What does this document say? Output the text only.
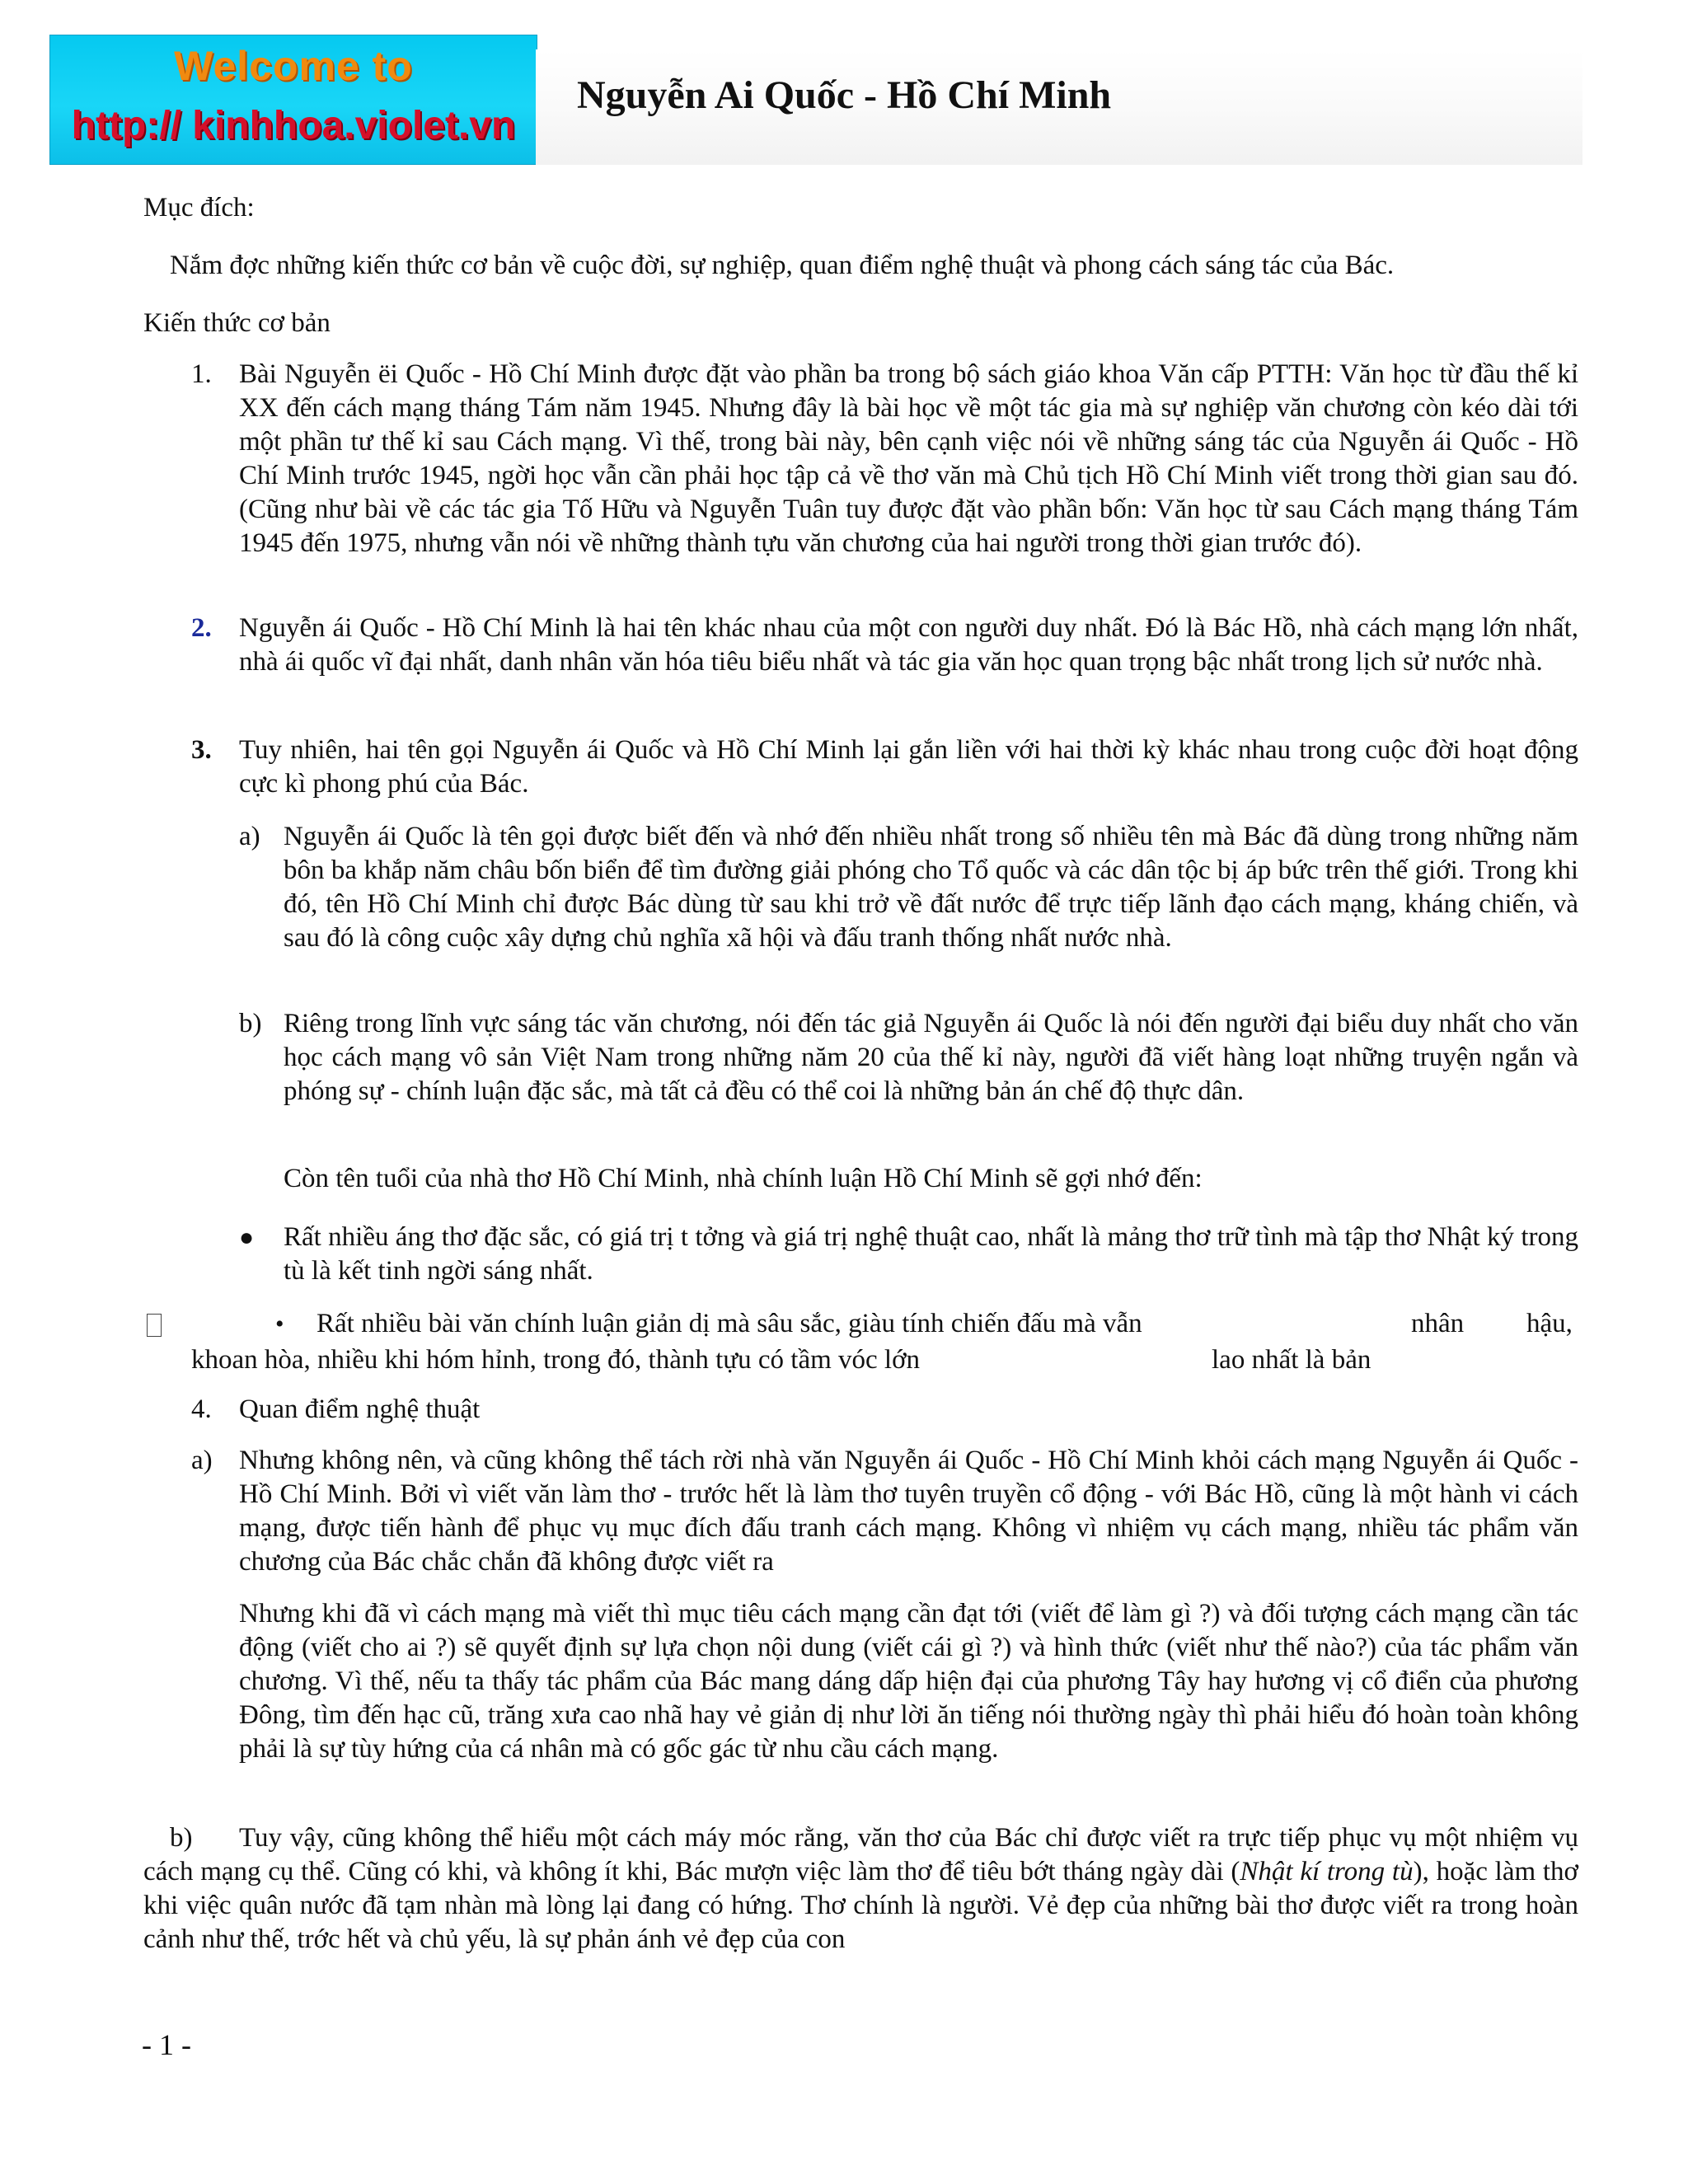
Welcome to
http:// kinhhoa.violet.vn
Nguyễn Ai Quốc - Hồ Chí Minh

Mục đích:

Nắm đợc những kiến thức cơ bản về cuộc đời, sự nghiệp, quan điểm nghệ thuật và phong cách sáng tác của Bác.

Kiến thức cơ bản

1. Bài Nguyễn ëi Quốc - Hồ Chí Minh được đặt vào phần ba trong bộ sách giáo khoa Văn cấp PTTH: Văn học từ đầu thế kỉ XX đến cách mạng tháng Tám năm 1945. Nhưng đây là bài học về một tác gia mà sự nghiệp văn chương còn kéo dài tới một phần tư thế kỉ sau Cách mạng. Vì thế, trong bài này, bên cạnh việc nói về những sáng tác của Nguyễn ái Quốc - Hồ Chí Minh trước 1945, ngời học vẫn cần phải học tập cả về thơ văn mà Chủ tịch Hồ Chí Minh viết trong thời gian sau đó. (Cũng như bài về các tác gia Tố Hữu và Nguyễn Tuân tuy được đặt vào phần bốn: Văn học từ sau Cách mạng tháng Tám 1945 đến 1975, nhưng vẫn nói về những thành tựu văn chương của hai người trong thời gian trước đó).

2. Nguyễn ái Quốc - Hồ Chí Minh là hai tên khác nhau của một con người duy nhất. Đó là Bác Hồ, nhà cách mạng lớn nhất, nhà ái quốc vĩ đại nhất, danh nhân văn hóa tiêu biểu nhất và tác gia văn học quan trọng bậc nhất trong lịch sử nước nhà.

3. Tuy nhiên, hai tên gọi Nguyễn ái Quốc và Hồ Chí Minh lại gắn liền với hai thời kỳ khác nhau trong cuộc đời hoạt động cực kì phong phú của Bác.

a) Nguyễn ái Quốc là tên gọi được biết đến và nhớ đến nhiều nhất trong số nhiều tên mà Bác đã dùng trong những năm bôn ba khắp năm châu bốn biển để tìm đường giải phóng cho Tổ quốc và các dân tộc bị áp bức trên thế giới. Trong khi đó, tên Hồ Chí Minh chỉ được Bác dùng từ sau khi trở về đất nước để trực tiếp lãnh đạo cách mạng, kháng chiến, và sau đó là công cuộc xây dựng chủ nghĩa xã hội và đấu tranh thống nhất nước nhà.

b) Riêng trong lĩnh vực sáng tác văn chương, nói đến tác giả Nguyễn ái Quốc là nói đến người đại biểu duy nhất cho văn học cách mạng vô sản Việt Nam trong những năm 20 của thế kỉ này, người đã viết hàng loạt những truyện ngắn và phóng sự - chính luận đặc sắc, mà tất cả đều có thể coi là những bản án chế độ thực dân.

Còn tên tuổi của nhà thơ Hồ Chí Minh, nhà chính luận Hồ Chí Minh sẽ gợi nhớ đến:

● Rất nhiều áng thơ đặc sắc, có giá trị t tởng và giá trị nghệ thuật cao, nhất là mảng thơ trữ tình mà tập thơ Nhật ký trong tù là kết tinh ngời sáng nhất.

• Rất nhiều bài văn chính luận giản dị mà sâu sắc, giàu tính chiến đấu mà vẫn	nhân hậu,
khoan hòa, nhiều khi hóm hỉnh, trong đó, thành tựu có tầm vóc lớn	lao nhất là bản
4. Quan điểm nghệ thuật

a) Nhưng không nên, và cũng không thể tách rời nhà văn Nguyễn ái Quốc - Hồ Chí Minh khỏi cách mạng Nguyễn ái Quốc - Hồ Chí Minh. Bởi vì viết văn làm thơ - trước hết là làm thơ tuyên truyền cổ động - với Bác Hồ, cũng là một hành vi cách mạng, được tiến hành để phục vụ mục đích đấu tranh cách mạng. Không vì nhiệm vụ cách mạng, nhiều tác phẩm văn chương của Bác chắc chắn đã không được viết ra

Nhưng khi đã vì cách mạng mà viết thì mục tiêu cách mạng cần đạt tới (viết để làm gì ?) và đối tượng cách mạng cần tác động (viết cho ai ?) sẽ quyết định sự lựa chọn nội dung (viết cái gì ?) và hình thức (viết như thế nào?) của tác phẩm văn chương. Vì thế, nếu ta thấy tác phẩm của Bác mang dáng dấp hiện đại của phương Tây hay hương vị cổ điển của phương Đông, tìm đến hạc cũ, trăng xưa cao nhã hay vẻ giản dị như lời ăn tiếng nói thường ngày thì phải hiểu đó hoàn toàn không phải là sự tùy hứng của cá nhân mà có gốc gác từ nhu cầu cách mạng.

b)	Tuy vậy, cũng không thể hiểu một cách máy móc rằng, văn thơ của Bác chỉ được viết ra trực tiếp phục vụ một nhiệm vụ cách mạng cụ thể. Cũng có khi, và không ít khi, Bác mượn việc làm thơ để tiêu bớt tháng ngày dài (Nhật kí trong tù), hoặc làm thơ khi việc quân nước đã tạm nhàn mà lòng lại đang có hứng. Thơ chính là người. Vẻ đẹp của những bài thơ được viết ra trong hoàn cảnh như thế, trớc hết và chủ yếu, là sự phản ánh vẻ đẹp của con

- 1 -
